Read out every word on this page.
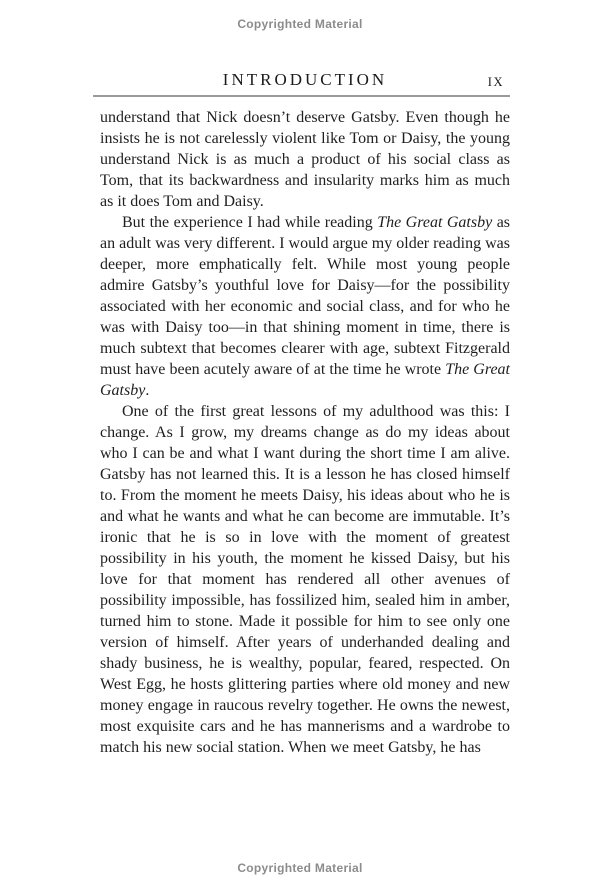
Copyrighted Material
INTRODUCTION	IX

understand that Nick doesn’t deserve Gatsby. Even though he insists he is not carelessly violent like Tom or Daisy, the young understand Nick is as much a product of his social class as Tom, that its backwardness and insularity marks him as much as it does Tom and Daisy.

But the experience I had while reading The Great Gatsby as an adult was very different. I would argue my older reading was deeper, more emphatically felt. While most young people admire Gatsby’s youthful love for Daisy—for the possibility associated with her economic and social class, and for who he was with Daisy too—in that shining moment in time, there is much subtext that becomes clearer with age, subtext Fitzgerald must have been acutely aware of at the time he wrote The Great Gatsby.

One of the first great lessons of my adulthood was this: I change. As I grow, my dreams change as do my ideas about who I can be and what I want during the short time I am alive. Gatsby has not learned this. It is a lesson he has closed himself to. From the moment he meets Daisy, his ideas about who he is and what he wants and what he can become are immutable. It’s ironic that he is so in love with the moment of greatest possibility in his youth, the moment he kissed Daisy, but his love for that moment has rendered all other avenues of possibility impossible, has fossilized him, sealed him in amber, turned him to stone. Made it possible for him to see only one version of himself. After years of underhanded dealing and shady business, he is wealthy, popular, feared, respected. On West Egg, he hosts glittering parties where old money and new money engage in raucous revelry together. He owns the newest, most exquisite cars and he has mannerisms and a wardrobe to match his new social station. When we meet Gatsby, he has

Copyrighted Material
